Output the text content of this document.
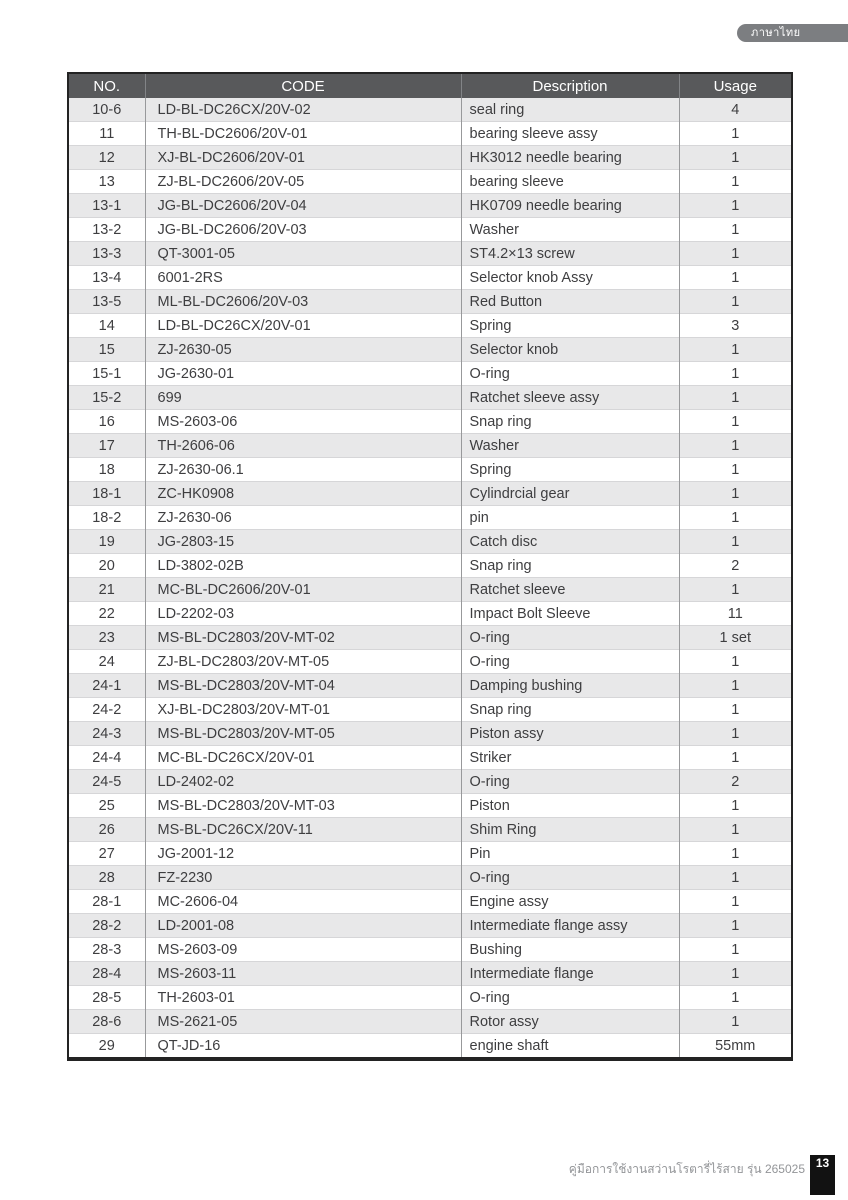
ภาษาไทย
NO.	CODE	Description	Usage
10-6	LD-BL-DC26CX/20V-02	seal ring	4
11	TH-BL-DC2606/20V-01	bearing sleeve assy	1
12	XJ-BL-DC2606/20V-01	HK3012 needle bearing	1
13	ZJ-BL-DC2606/20V-05	bearing sleeve	1
13-1	JG-BL-DC2606/20V-04	HK0709 needle bearing	1
13-2	JG-BL-DC2606/20V-03	Washer	1
13-3	QT-3001-05	ST4.2×13 screw	1
13-4	6001-2RS	Selector knob Assy	1
13-5	ML-BL-DC2606/20V-03	Red Button	1
14	LD-BL-DC26CX/20V-01	Spring	3
15	ZJ-2630-05	Selector knob	1
15-1	JG-2630-01	O-ring	1
15-2	699	Ratchet sleeve assy	1
16	MS-2603-06	Snap ring	1
17	TH-2606-06	Washer	1
18	ZJ-2630-06.1	Spring	1
18-1	ZC-HK0908	Cylindrcial gear	1
18-2	ZJ-2630-06	pin	1
19	JG-2803-15	Catch disc	1
20	LD-3802-02B	Snap ring	2
21	MC-BL-DC2606/20V-01	Ratchet sleeve	1
22	LD-2202-03	Impact Bolt Sleeve	11
23	MS-BL-DC2803/20V-MT-02	O-ring	1 set
24	ZJ-BL-DC2803/20V-MT-05	O-ring	1
24-1	MS-BL-DC2803/20V-MT-04	Damping bushing	1
24-2	XJ-BL-DC2803/20V-MT-01	Snap ring	1
24-3	MS-BL-DC2803/20V-MT-05	Piston assy	1
24-4	MC-BL-DC26CX/20V-01	Striker	1
24-5	LD-2402-02	O-ring	2
25	MS-BL-DC2803/20V-MT-03	Piston	1
26	MS-BL-DC26CX/20V-11	Shim Ring	1
27	JG-2001-12	Pin	1
28	FZ-2230	O-ring	1
28-1	MC-2606-04	Engine assy	1
28-2	LD-2001-08	Intermediate flange assy	1
28-3	MS-2603-09	Bushing	1
28-4	MS-2603-11	Intermediate flange	1
28-5	TH-2603-01	O-ring	1
28-6	MS-2621-05	Rotor assy	1
29	QT-JD-16	engine shaft	55mm
คู่มือการใช้งานสว่านโรตารี่ไร้สาย รุ่น 265025 13
